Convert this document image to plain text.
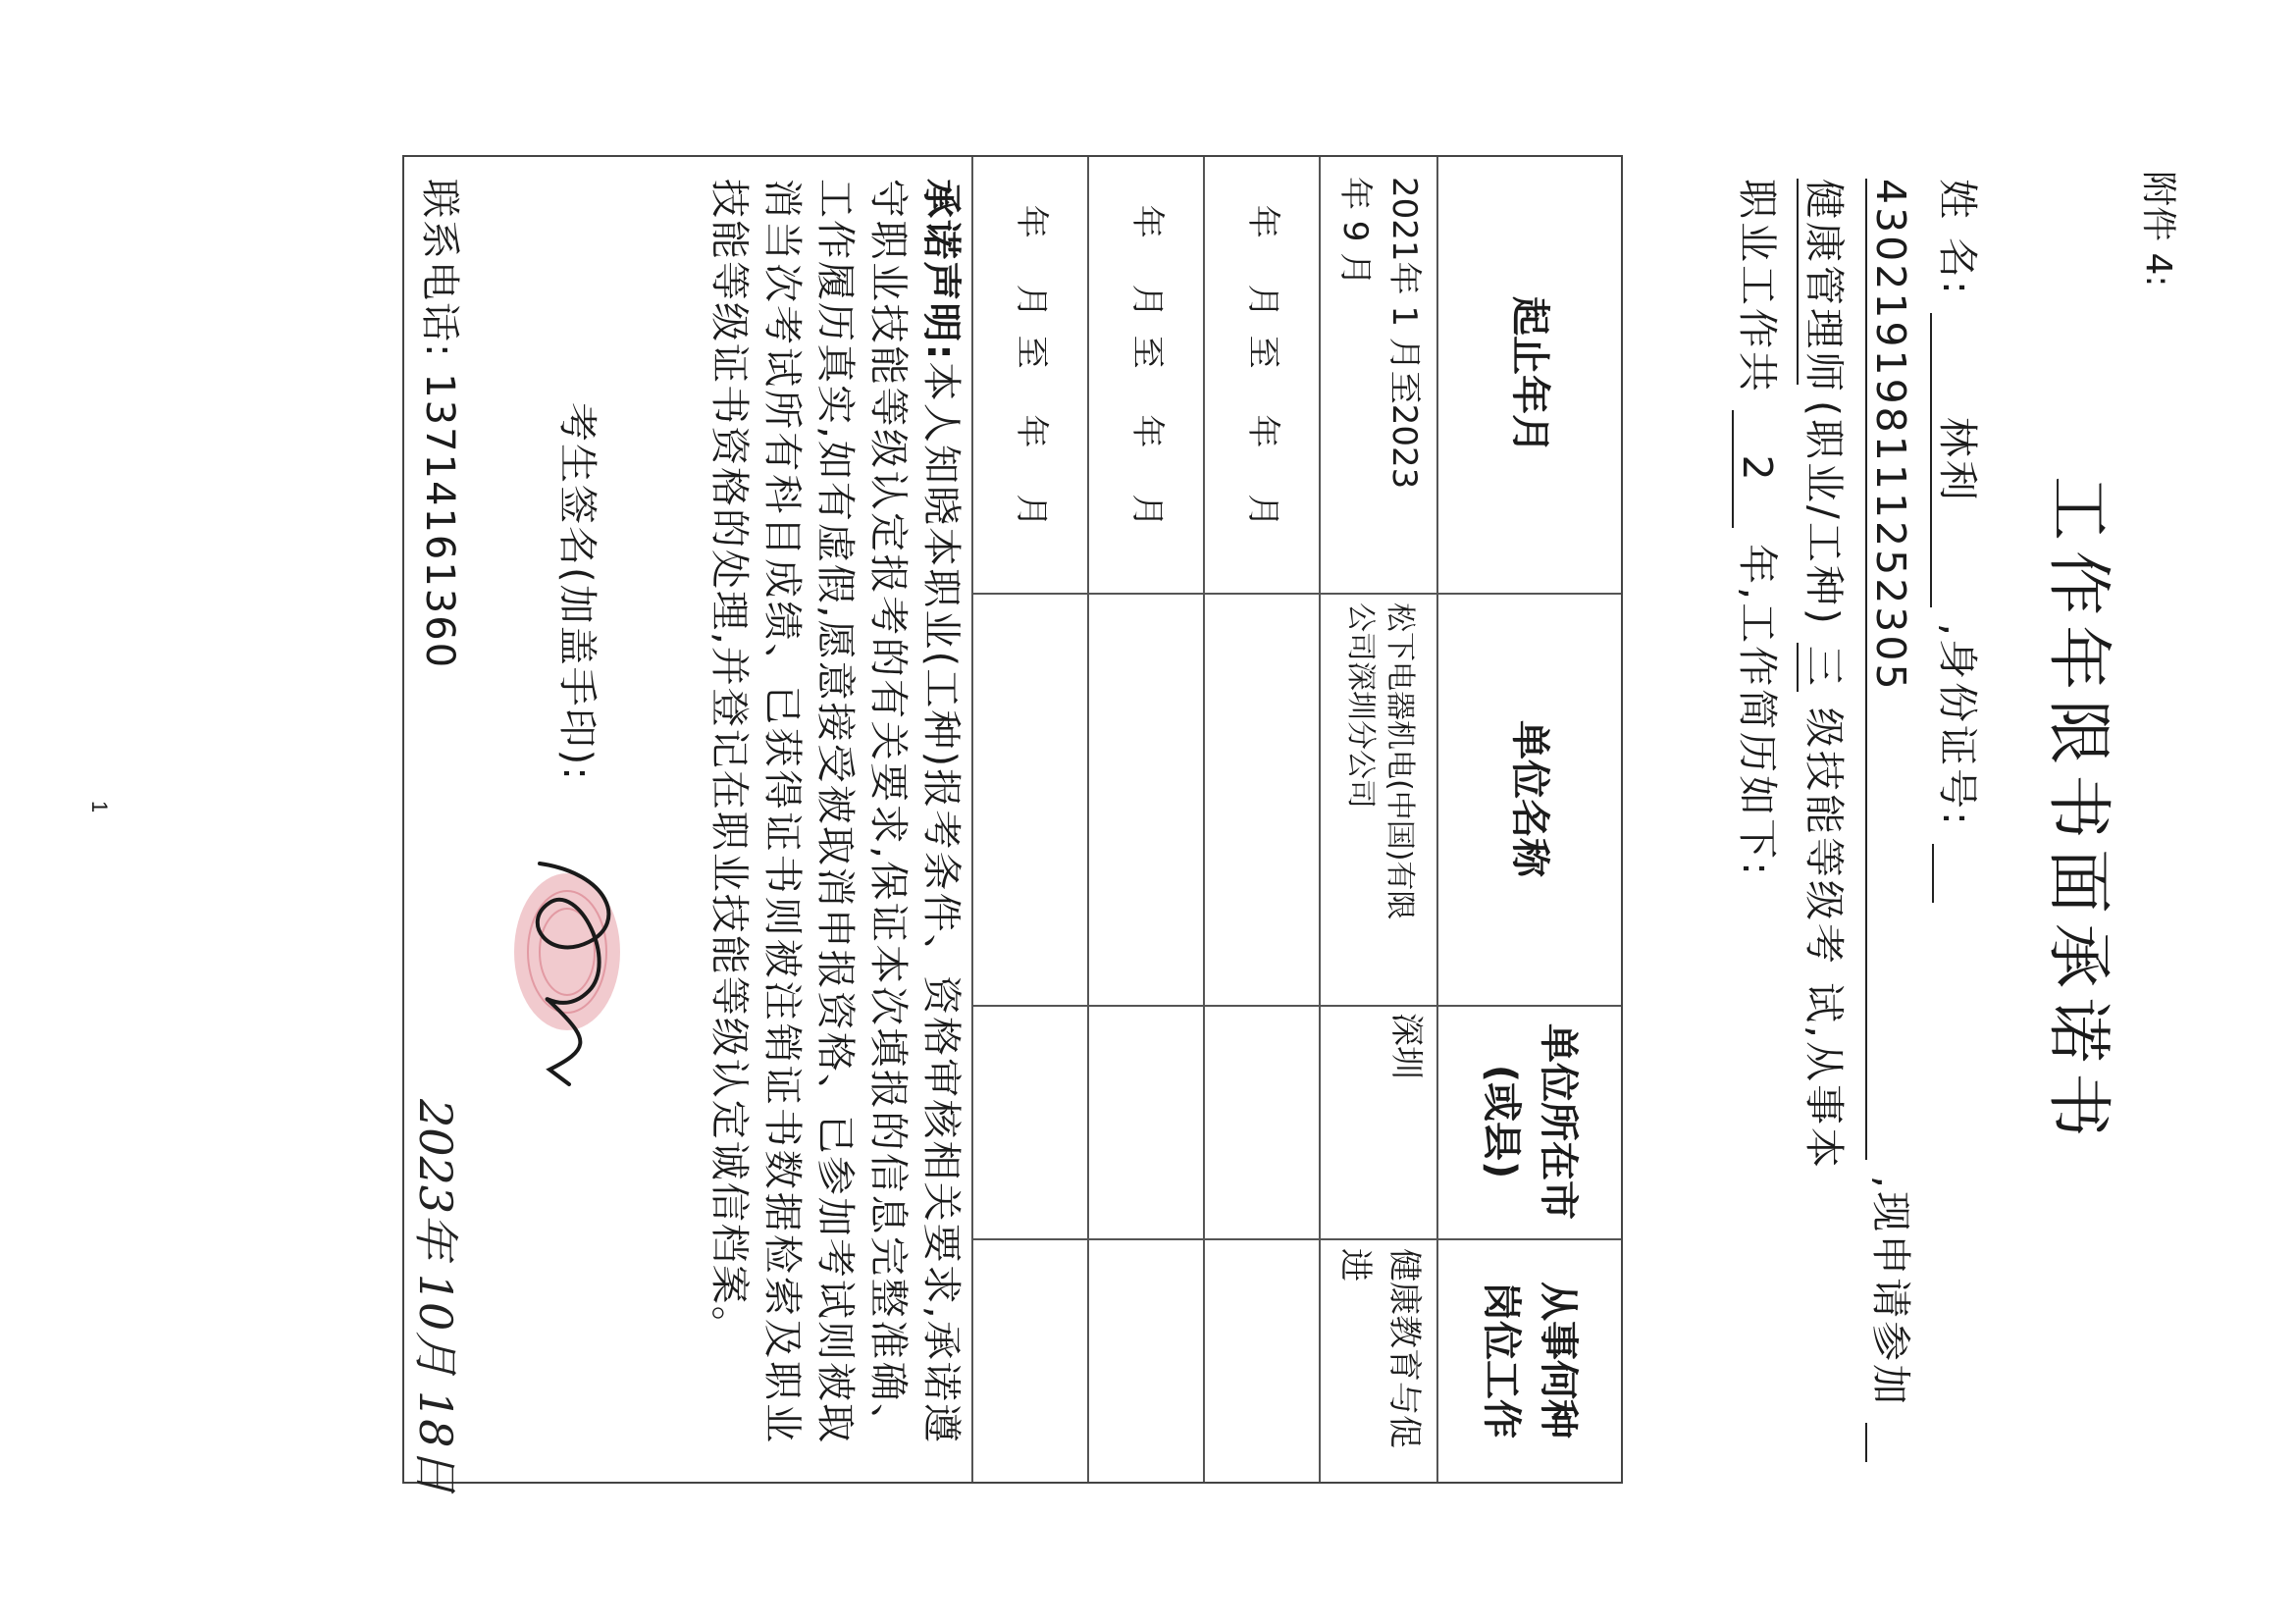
附件 4:
工作年限书面承诺书
姓 名: 林利 ,身份证号:
430219198111252305 ,现申请参加
健康管理师 (职业/工种) 三 级技能等级考 试,从事本
职业工作共 2 年,工作简历如下:
起止年月
单位名称
单位所在市
(或县)
从事何种
岗位工作
2021年 1 月至2023
年 9 月
松下电器机电(中国)有限
公司深圳分公司
深圳
健康教育与促
进
年 月至 年 月
年 月至 年 月
年 月至 年 月
承诺声明:本人知晓本职业(工种)报考条件、资格审核相关要求,承诺遵守职业技能等级认定报考的有关要求,保证本次填报的信息完整准确、工作履历真实,如有虚假,愿意接受被取消申报资格、已参加考试则被取消当次考试所有科目成绩、已获得证书则被注销证书数据检索及职业技能等级证书资格的处理,并登记在职业技能等级认定诚信档案。
考生签名(加盖手印):
2023年 10月 18日
联系电话: 13714161360
1
